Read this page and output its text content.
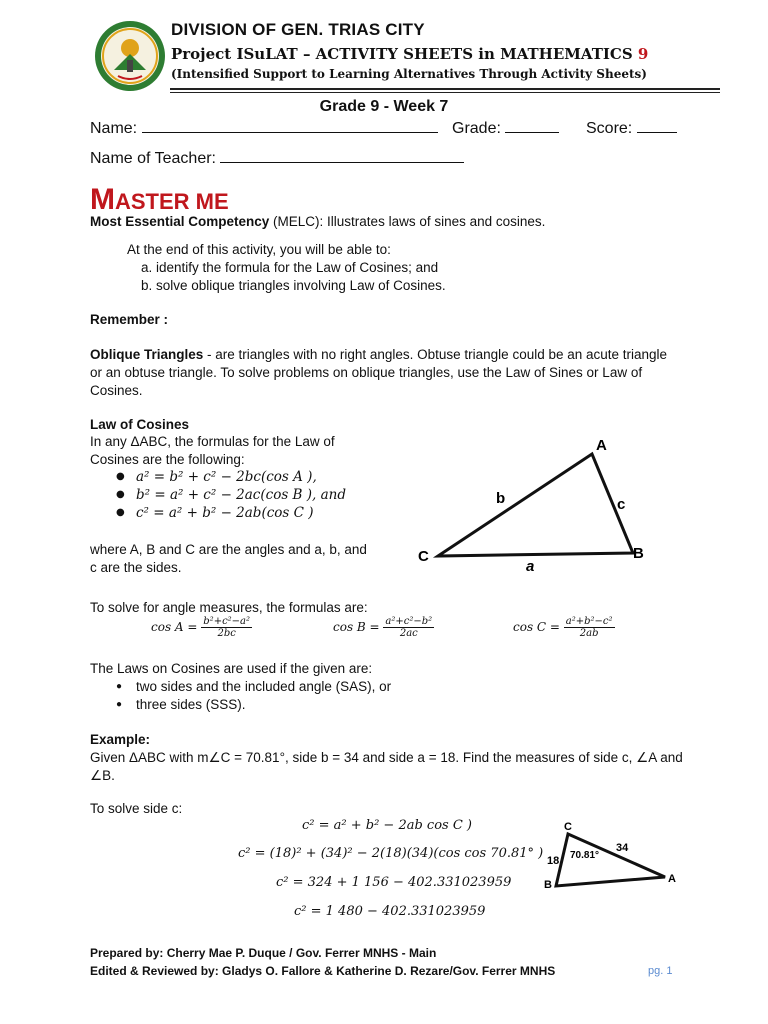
DIVISION OF GEN. TRIAS CITY
Project ISuLAT – ACTIVITY SHEETS in MATHEMATICS 9
(Intensified Support to Learning Alternatives Through Activity Sheets)
Grade 9 - Week 7
Name:	Grade:	Score:
Name of Teacher:
MASTER ME
Most Essential Competency (MELC): Illustrates laws of sines and cosines.
At the end of this activity, you will be able to:
a. identify the formula for the Law of Cosines; and
b. solve oblique triangles involving Law of Cosines.
Remember :
Oblique Triangles - are triangles with no right angles. Obtuse triangle could be an acute triangle or an obtuse triangle. To solve problems on oblique triangles, use the Law of Sines or Law of Cosines.
Law of Cosines
In any ΔABC, the formulas for the Law of Cosines are the following:
● a² = b² + c² − 2bc(cos A ),
● b² = a² + c² − 2ac(cos B ), and
● c² = a² + b² − 2ab(cos C )
where A, B and C are the angles and a, b, and c are the sides.
A
B
C
a
b	c
To solve for angle measures, the formulas are:
$\cos A = \frac{\text{b²+c²−a²}}{2bc}$	$\cos B = \frac{\text{a²+c²−b²}}{2ac}$	$\cos C = \frac{\text{a²+b²−c²}}{2ab}$
The Laws on Cosines are used if the given are:
● two sides and the included angle (SAS), or
● three sides (SSS).
Example:
Given ΔABC with m∠C = 70.81°, side b = 34 and side a = 18. Find the measures of side c, ∠A and ∠B.
To solve side c:
c² = a² + b² − 2ab cos C )
c² = (18)² + (34)² − 2(18)(34)(cos cos 70.81° )
c² = 324 + 1 156 − 402.331023959
c² = 1 480 − 402.331023959
C
B	A
18
34
70.81°
Prepared by: Cherry Mae P. Duque / Gov. Ferrer MNHS - Main
Edited & Reviewed by: Gladys O. Fallore & Katherine D. Rezare/Gov. Ferrer MNHS	pg. 1
